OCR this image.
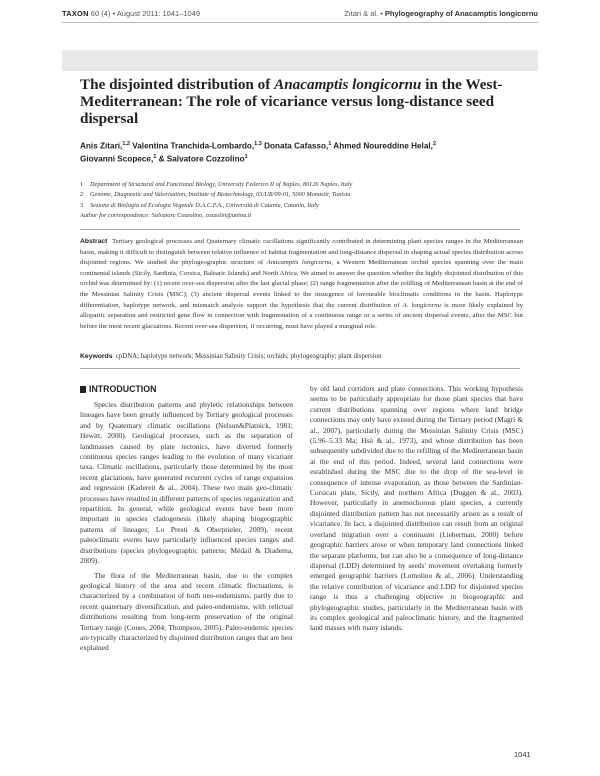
TAXON 60 (4) • August 2011: 1041–1049	Zitari & al. • Phylogeography of Anacamptis longicornu
The disjointed distribution of Anacamptis longicornu in the West-Mediterranean: The role of vicariance versus long-distance seed dispersal
Anis Zitari,$^{1,2}$ Valentina Tranchida-Lombardo,$^{1,3}$ Donata Cafasso,$^1$ Ahmed Noureddine Helal,$^2$
Giovanni Scopece,$^1$ & Salvatore Cozzolino$^1$
1 Department of Structural and Functional Biology, University Federico II of Naples, 80126 Naples, Italy
2 Genome, Diagnostic and Valorisation, Institute of Biotechnology, 03/UR/09-01, 5000 Monastir, Tunisia
3 Sezione di Biologia ed Ecologia Vegetale D.A.C.P.A., Università di Catania, Catania, Italy
Author for correspondence: Salvatore Cozzolino, cozzolin@unina.it
Abstract Tertiary geological processes and Quaternary climatic oscillations significantly contributed in determining plant species ranges in the Mediterranean basin, making it difficult to distinguish between relative influence of habitat fragmentation and long-distance dispersal in shaping actual species distribution across disjointed regions. We studied the phylogeographic structure of Anacamptis longicornu, a Western Mediterranean orchid species spanning over the main continental islands (Sicily, Sardinia, Corsica, Balearic Islands) and North Africa. We aimed to answer the question whether the highly disjointed distribution of this orchid was determined by: (1) recent over-sea dispersion after the last glacial phase; (2) range fragmentation after the refilling of Mediterranean basin at the end of the Messinian Salinity Crisis (MSC); (3) ancient dispersal events linked to the insurgence of favourable bioclimatic conditions in the basin. Haplotype differentiation, haplotype network, and mismatch analysis support the hypothesis that the current distribution of A. longicornu is more likely explained by allopatric separation and restricted gene flow in connection with fragmentation of a continuous range or a series of ancient dispersal events, after the MSC but before the most recent glaciations. Recent over-sea dispersion, if occurring, must have played a marginal role.
Keywords cpDNA; haplotype network; Messinian Salinity Crisis; orchids; phylogeography; plant dispersion
INTRODUCTION

Species distribution patterns and phyletic relationships between lineages have been greatly influenced by Tertiary geological processes and by Quaternary climatic oscillations (Nelson&Platnick, 1981; Hewitt, 2000). Geological processes, such as the separation of landmasses caused by plate tectonics, have diverted formerly continuous species ranges leading to the evolution of many vicariant taxa. Climatic oscillations, particularly those determined by the most recent glaciations, have generated recurrent cycles of range expansion and regression (Kadereit & al., 2004). These two main geo-climatic processes have resulted in different patterns of species organization and repartition. In general, while geological events have been more important in species cladogenesis (likely shaping biogeographic patterns of lineages; Lo Presti & Oberprieler, 2009), recent paleoclimatic events have particularly influenced species ranges and distributions (species phylogeographic patterns; Médail & Diadema, 2009).

The flora of the Mediterranean basin, due to the complex geological history of the area and recent climatic fluctuations, is characterized by a combination of both neo-endemisms, partly due to recent quaternary diversification, and paleo-endemisms, with relictual distributions resulting from long-term preservation of the original Tertiary range (Cones, 2004; Thompson, 2005). Paleo-endemic species are typically characterized by disjointed distribution ranges that are best explained

by old land corridors and plate connections. This working hypothesis seems to be particularly appropriate for those plant species that have current distributions spanning over regions where land bridge connections may only have existed during the Tertiary period (Magri & al., 2007), particularly during the Messinian Salinity Crisis (MSC) (5.96–5.33 Ma; Hsü & al., 1973), and whose distribution has been subsequently subdivided due to the refilling of the Mediterranean basin at the end of this period. Indeed, several land connections were established during the MSC due to the drop of the sea-level in consequence of intense evaporation, as those between the Sardinian-Corsican plate, Sicily, and northern Africa (Duggen & al., 2003). However, particularly in anemochorous plant species, a currently disjointed distribution pattern has not necessarily arisen as a result of vicariance. In fact, a disjointed distribution can result from an original overland migration over a continuum (Lieberman, 2000) before geographic barriers arose or when temporary land connections linked the separate platforms, but can also be a consequence of long-distance dispersal (LDD) determined by seeds' movement overtaking formerly emerged geographic barriers (Lomolino & al., 2006). Understanding the relative contribution of vicariance and LDD for disjointed species range is thus a challenging objective in biogeographic and phylogeographic studies, particularly in the Mediterranean basin with its complex geological and paleoclimatic history, and the fragmented land masses with many islands.

1041
